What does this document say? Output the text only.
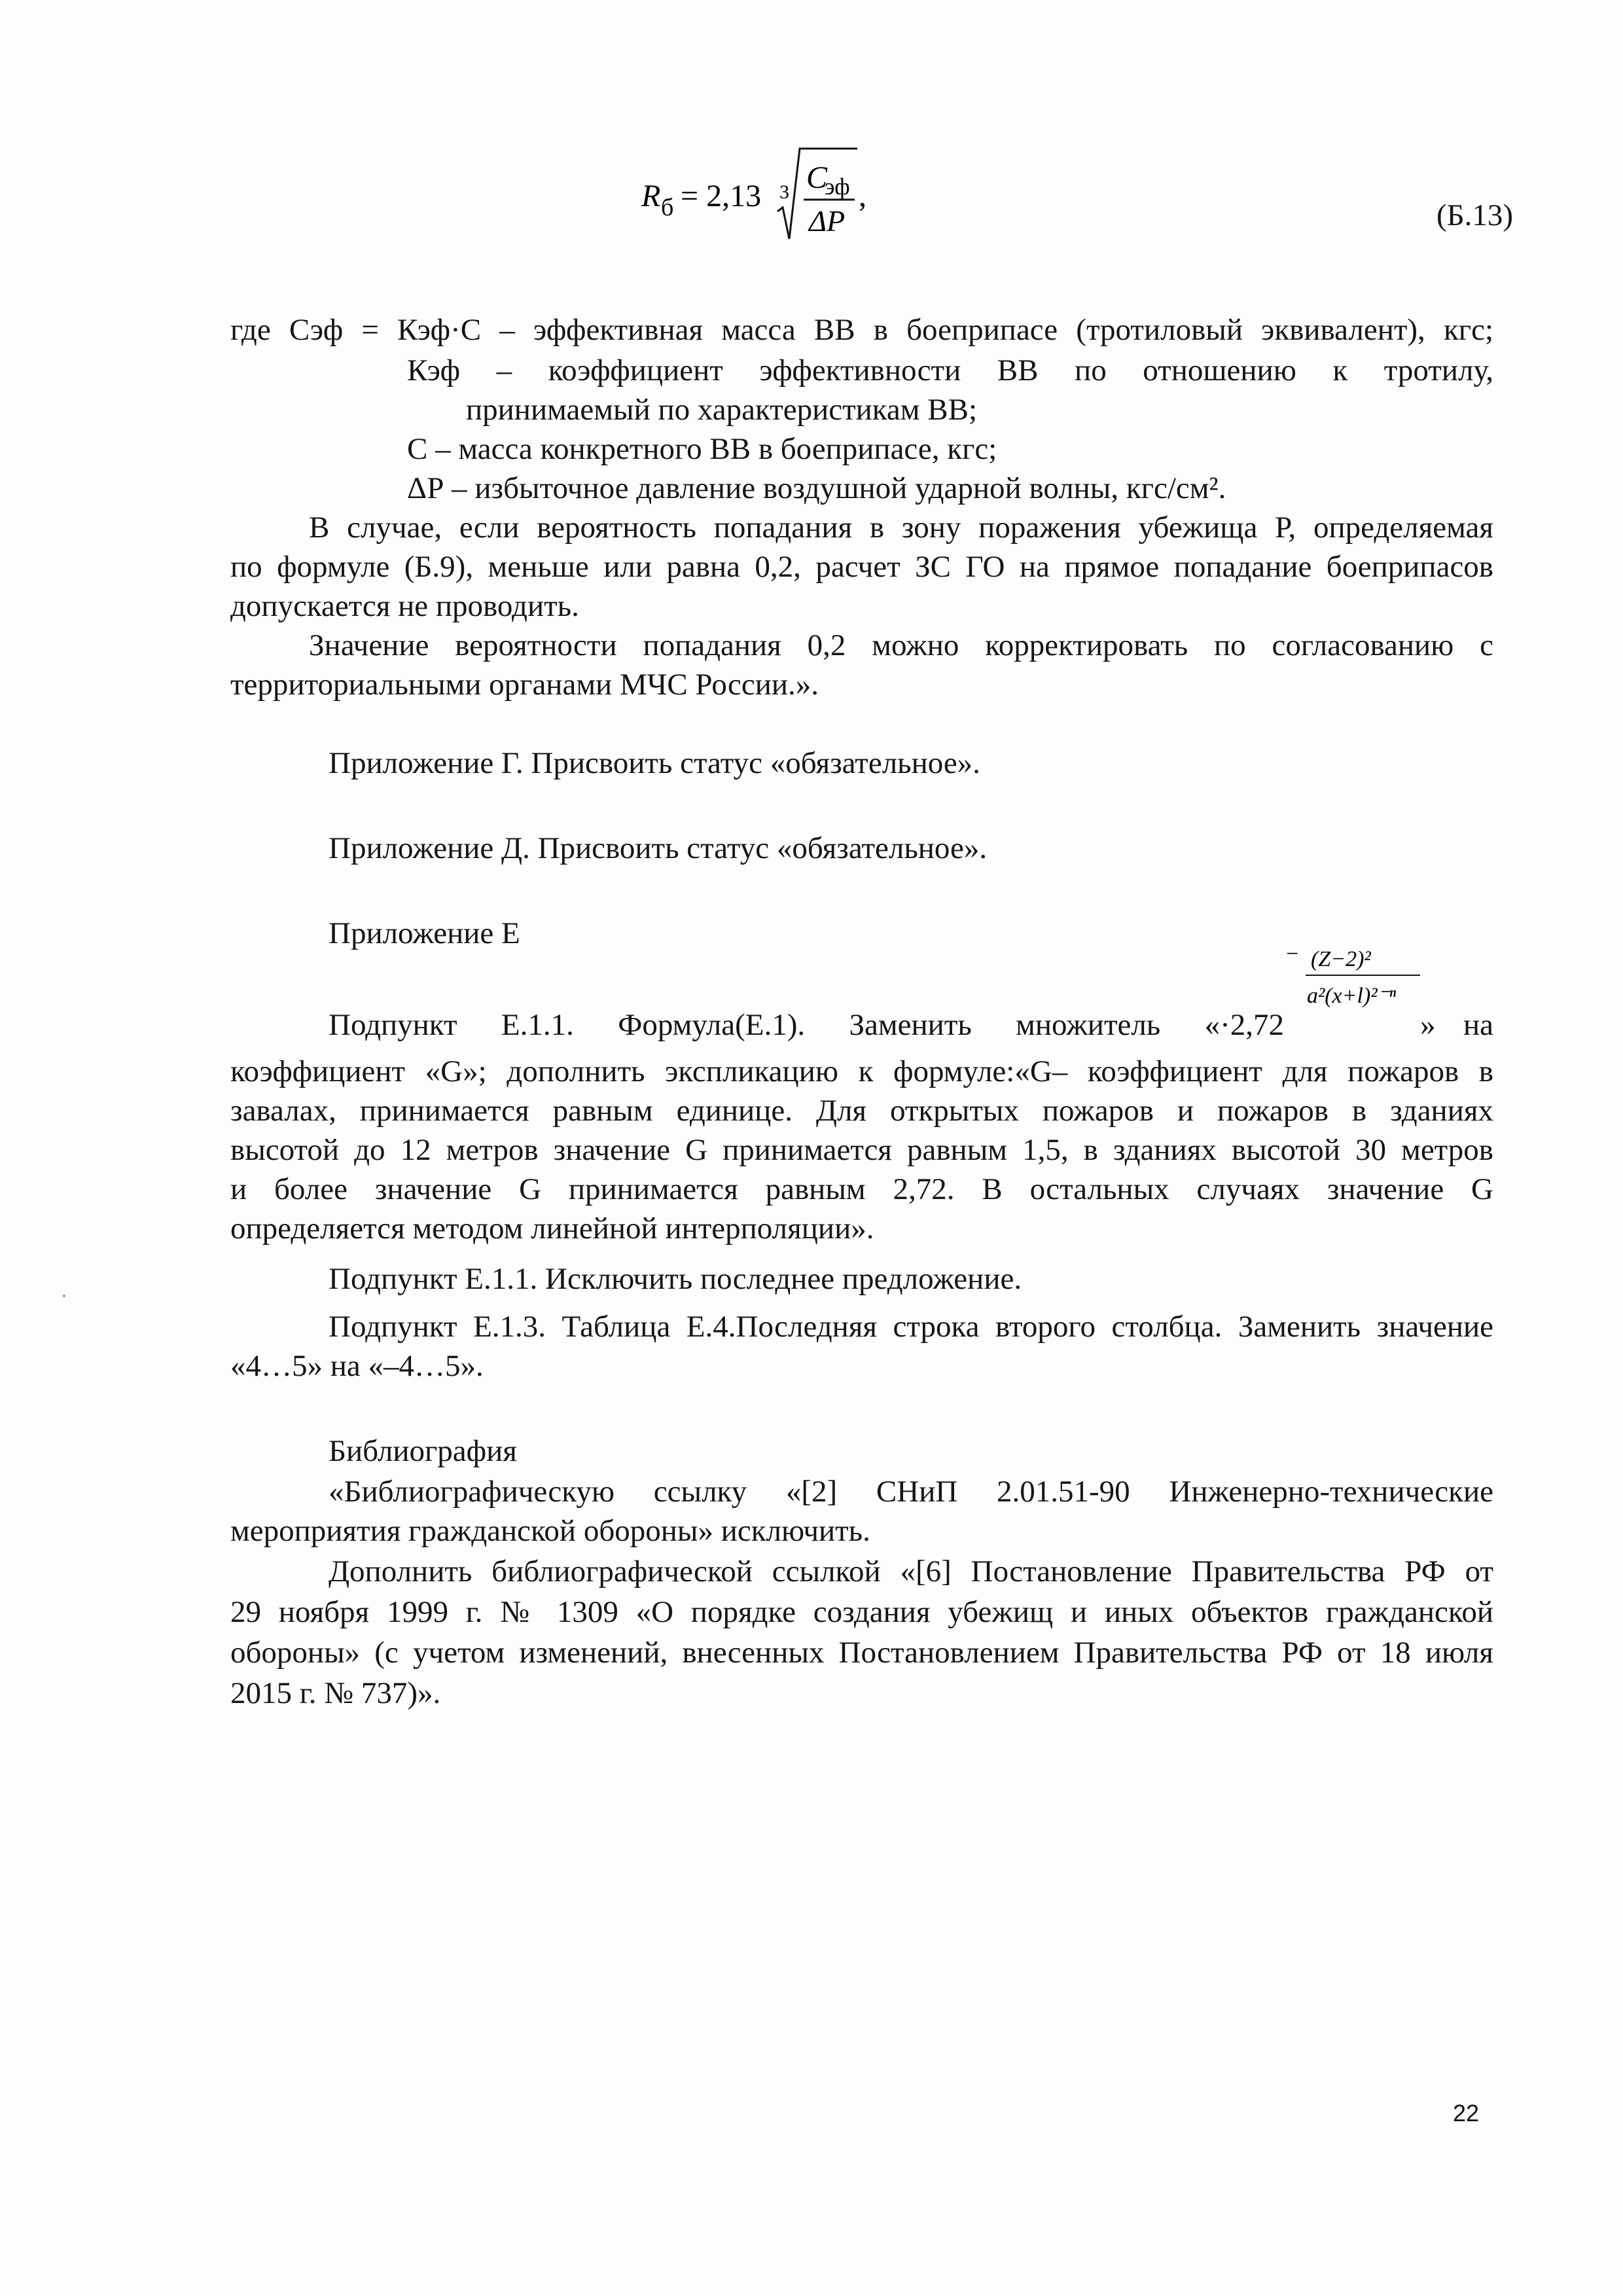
R б = 2,13 3 C
эф
ΔP
,
(Б.13)
где Сэф = Кэф·С – эффективная масса ВВ в боеприпасе (тротиловый эквивалент), кгс;
Кэф – коэффициент эффективности ВВ по отношению к тротилу,
принимаемый по характеристикам ВВ;
С – масса конкретного ВВ в боеприпасе, кгс;
ΔР – избыточное давление воздушной ударной волны, кгс/см².
В случае, если вероятность попадания в зону поражения убежища Р, определяемая
по формуле (Б.9), меньше или равна 0,2, расчет ЗС ГО на прямое попадание боеприпасов
допускается не проводить.
Значение вероятности попадания 0,2 можно корректировать по согласованию с
территориальными органами МЧС России.».
Приложение Г. Присвоить статус «обязательное».
Приложение Д. Присвоить статус «обязательное».
Приложение Е
Подпункт Е.1.1. Формула(Е.1). Заменить множитель «·2,72
− (Z−2)²
a²(x+l)²⁻ⁿ
» на
коэффициент «G»; дополнить экспликацию к формуле:«G– коэффициент для пожаров в
завалах, принимается равным единице. Для открытых пожаров и пожаров в зданиях
высотой до 12 метров значение G принимается равным 1,5, в зданиях высотой 30 метров
и более значение G принимается равным 2,72. В остальных случаях значение G
определяется методом линейной интерполяции».
Подпункт Е.1.1. Исключить последнее предложение.
Подпункт Е.1.3. Таблица Е.4.Последняя строка второго столбца. Заменить значение
«4…5» на «–4…5».
Библиография
«Библиографическую ссылку «[2] СНиП 2.01.51-90 Инженерно-технические
мероприятия гражданской обороны» исключить.
Дополнить библиографической ссылкой «[6] Постановление Правительства РФ от
29 ноября 1999 г. № 1309 «О порядке создания убежищ и иных объектов гражданской
обороны» (с учетом изменений, внесенных Постановлением Правительства РФ от 18 июля
2015 г. № 737)».
22
